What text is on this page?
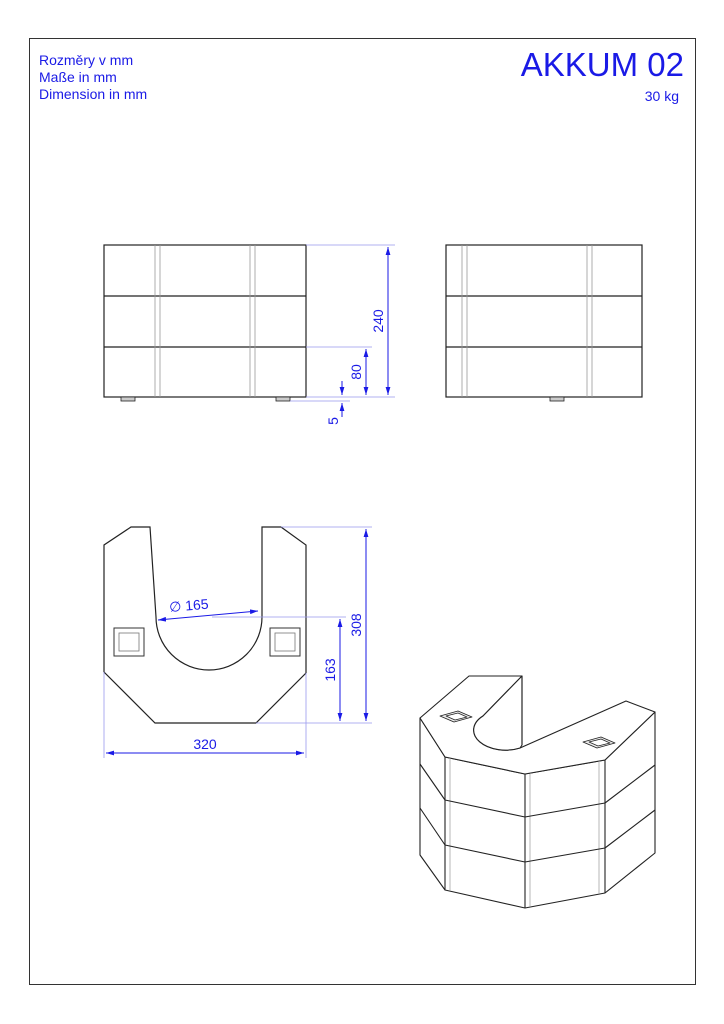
Rozměry v mm
Maße in mm
Dimension in mm
AKKUM 02
30 kg
240
80
5
308
163
320
∅ 165
